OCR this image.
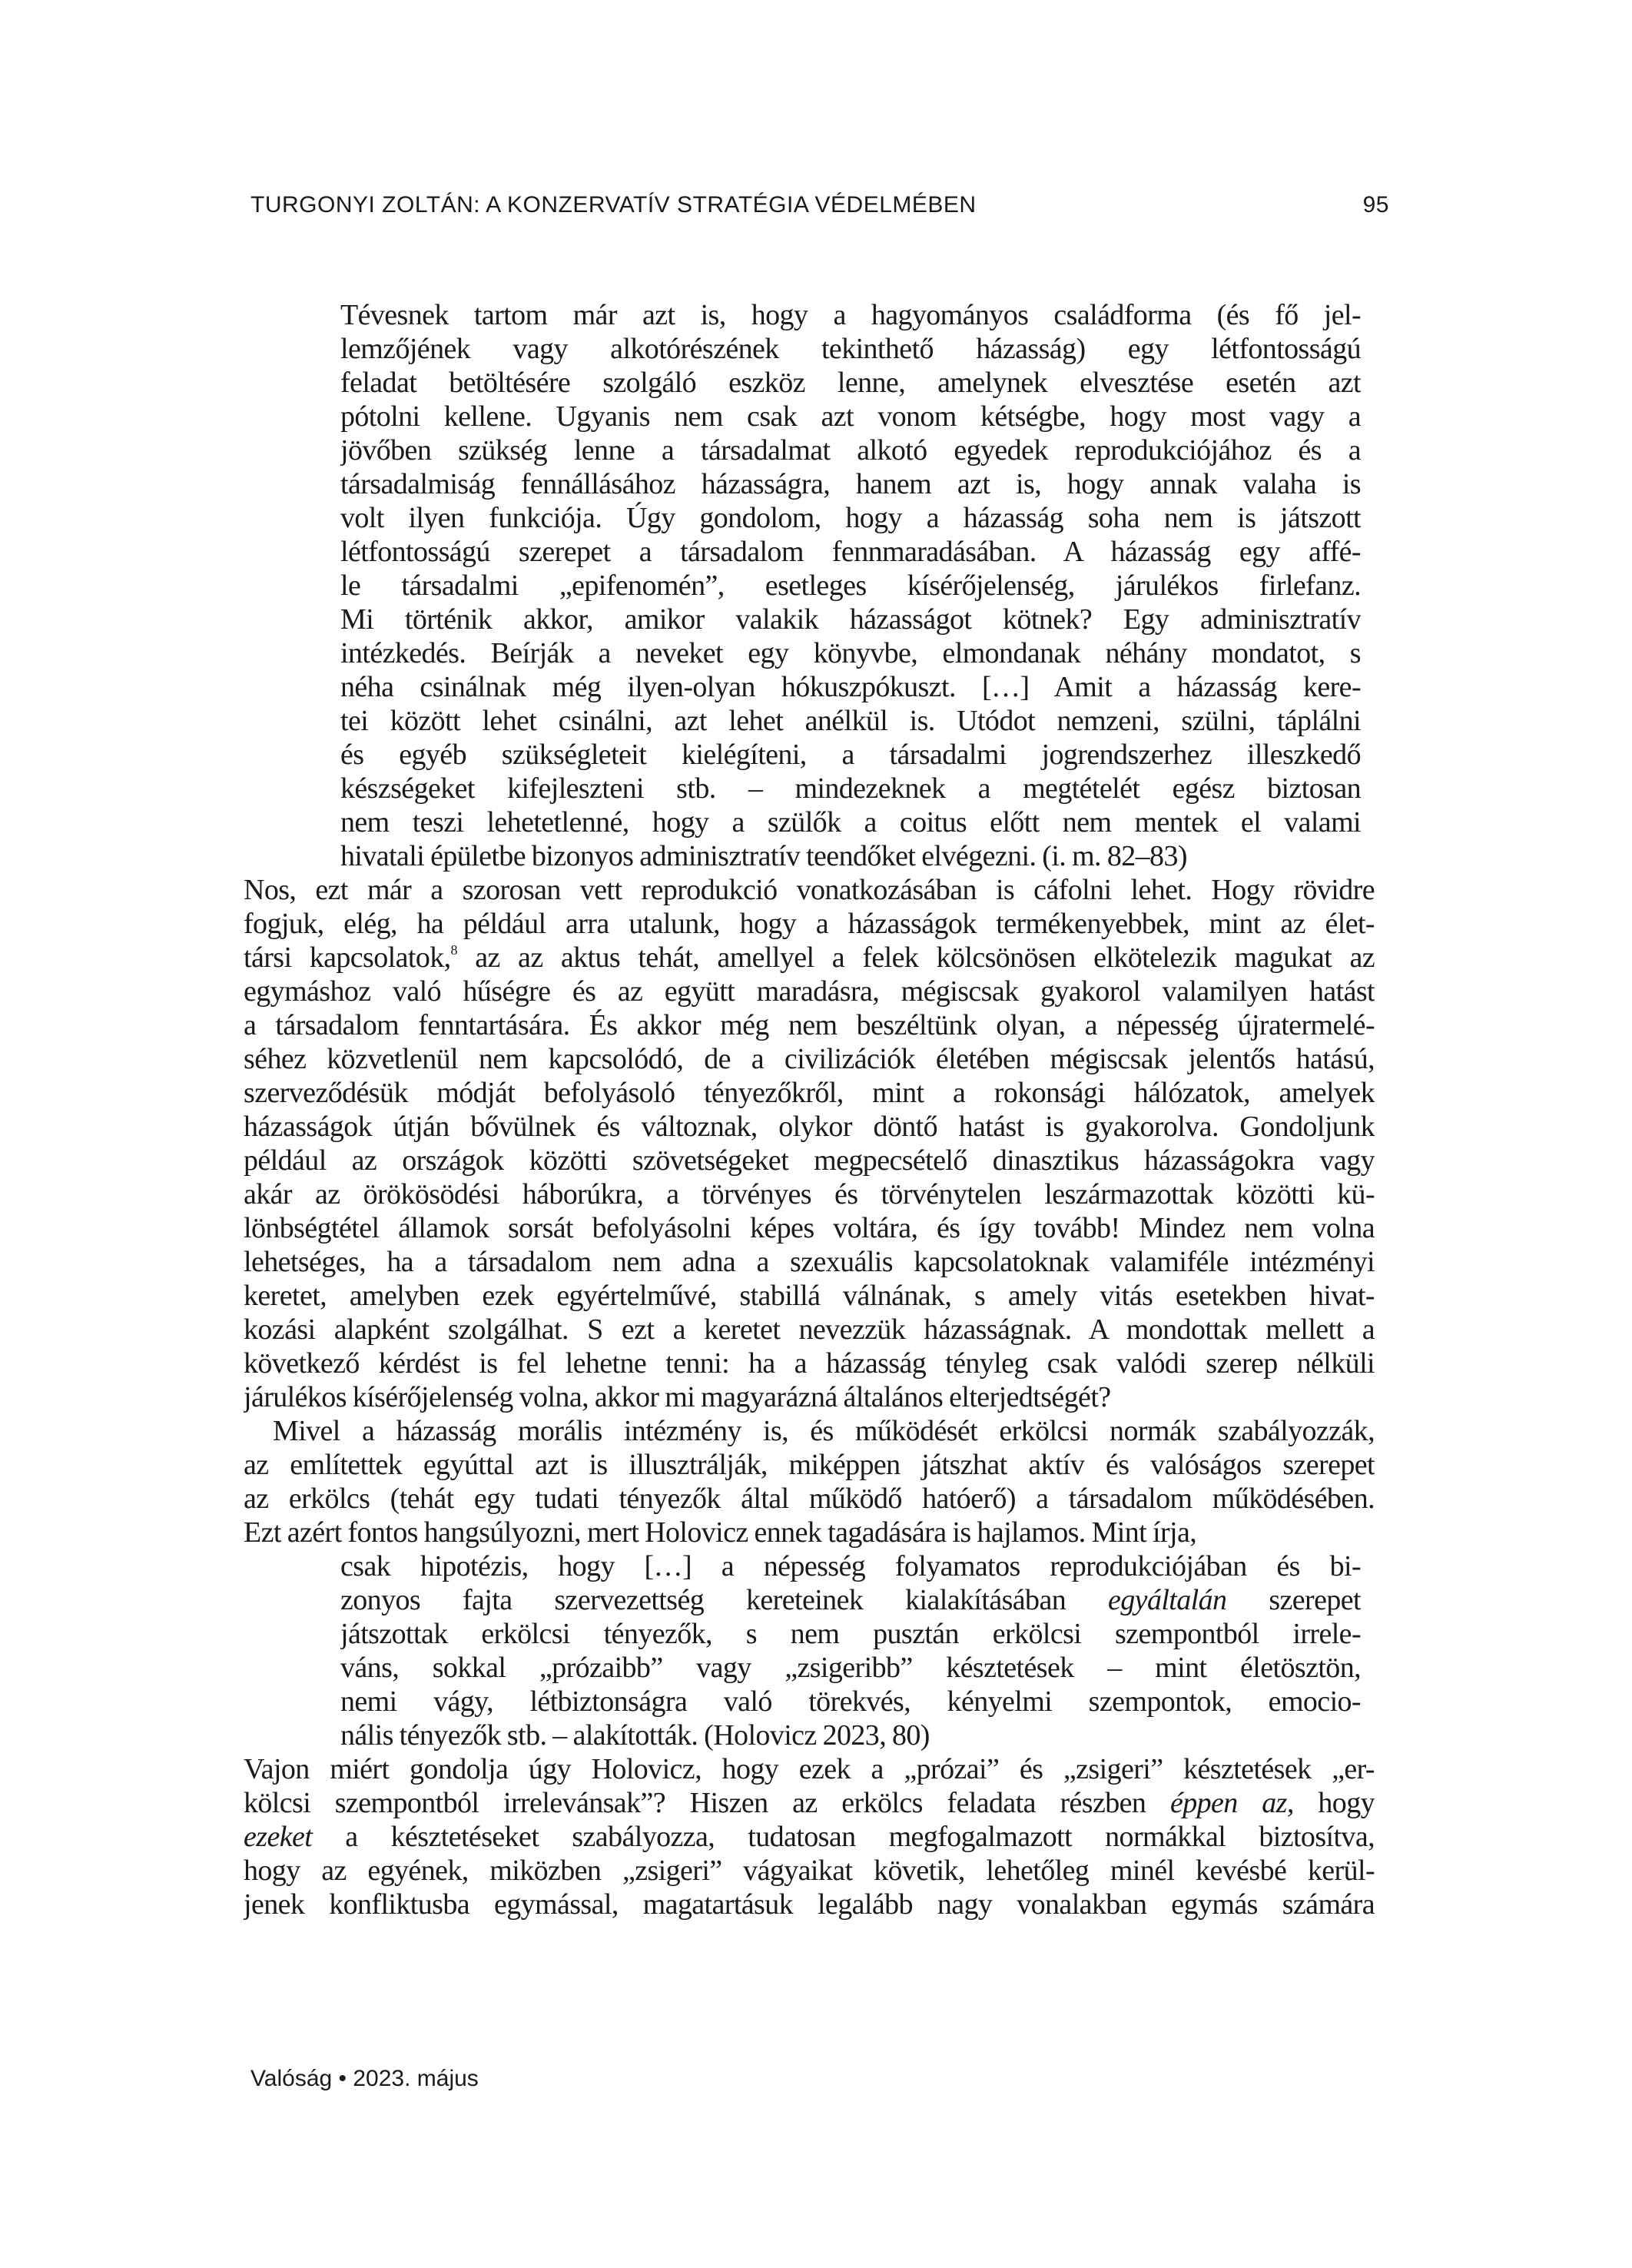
TURGONYI ZOLTÁN: A KONZERVATÍV STRATÉGIA VÉDELMÉBEN	95
Tévesnek tartom már azt is, hogy a hagyományos családforma (és fő jel-
lemzőjének vagy alkotórészének tekinthető házasság) egy létfontosságú
feladat betöltésére szolgáló eszköz lenne, amelynek elvesztése esetén azt
pótolni kellene. Ugyanis nem csak azt vonom kétségbe, hogy most vagy a
jövőben szükség lenne a társadalmat alkotó egyedek reprodukciójához és a
társadalmiság fennállásához házasságra, hanem azt is, hogy annak valaha is
volt ilyen funkciója. Úgy gondolom, hogy a házasság soha nem is játszott
létfontosságú szerepet a társadalom fennmaradásában. A házasság egy affé-
le társadalmi „epifenomén”, esetleges kísérőjelenség, járulékos firlefanz.
Mi történik akkor, amikor valakik házasságot kötnek? Egy adminisztratív
intézkedés. Beírják a neveket egy könyvbe, elmondanak néhány mondatot, s
néha csinálnak még ilyen-olyan hókuszpókuszt. […] Amit a házasság kere-
tei között lehet csinálni, azt lehet anélkül is. Utódot nemzeni, szülni, táplálni
és egyéb szükségleteit kielégíteni, a társadalmi jogrendszerhez illeszkedő
készségeket kifejleszteni stb. – mindezeknek a megtételét egész biztosan
nem teszi lehetetlenné, hogy a szülők a coitus előtt nem mentek el valami
hivatali épületbe bizonyos adminisztratív teendőket elvégezni. (i. m. 82–83)
Nos, ezt már a szorosan vett reprodukció vonatkozásában is cáfolni lehet. Hogy rövidre
fogjuk, elég, ha például arra utalunk, hogy a házasságok termékenyebbek, mint az élet-
társi kapcsolatok,$^8$ az az aktus tehát, amellyel a felek kölcsönösen elkötelezik magukat az
egymáshoz való hűségre és az együtt maradásra, mégiscsak gyakorol valamilyen hatást
a társadalom fenntartására. És akkor még nem beszéltünk olyan, a népesség újratermelé-
séhez közvetlenül nem kapcsolódó, de a civilizációk életében mégiscsak jelentős hatású,
szerveződésük módját befolyásoló tényezőkről, mint a rokonsági hálózatok, amelyek
házasságok útján bővülnek és változnak, olykor döntő hatást is gyakorolva. Gondoljunk
például az országok közötti szövetségeket megpecsételő dinasztikus házasságokra vagy
akár az örökösödési háborúkra, a törvényes és törvénytelen leszármazottak közötti kü-
lönbségtétel államok sorsát befolyásolni képes voltára, és így tovább! Mindez nem volna
lehetséges, ha a társadalom nem adna a szexuális kapcsolatoknak valamiféle intézményi
keretet, amelyben ezek egyértelművé, stabillá válnának, s amely vitás esetekben hivat-
kozási alapként szolgálhat. S ezt a keretet nevezzük házasságnak. A mondottak mellett a
következő kérdést is fel lehetne tenni: ha a házasság tényleg csak valódi szerep nélküli
járulékos kísérőjelenség volna, akkor mi magyarázná általános elterjedtségét?
Mivel a házasság morális intézmény is, és működését erkölcsi normák szabályozzák,
az említettek egyúttal azt is illusztrálják, miképpen játszhat aktív és valóságos szerepet
az erkölcs (tehát egy tudati tényezők által működő hatóerő) a társadalom működésében.
Ezt azért fontos hangsúlyozni, mert Holovicz ennek tagadására is hajlamos. Mint írja,
csak hipotézis, hogy […] a népesség folyamatos reprodukciójában és bi-
zonyos fajta szervezettség kereteinek kialakításában egyáltalán szerepet
játszottak erkölcsi tényezők, s nem pusztán erkölcsi szempontból irrele-
váns, sokkal „prózaibb” vagy „zsigeribb” késztetések – mint életösztön,
nemi vágy, létbiztonságra való törekvés, kényelmi szempontok, emocio-
nális tényezők stb. – alakították. (Holovicz 2023, 80)
Vajon miért gondolja úgy Holovicz, hogy ezek a „prózai” és „zsigeri” késztetések „er-
kölcsi szempontból irrelevánsak”? Hiszen az erkölcs feladata részben éppen az, hogy
ezeket a késztetéseket szabályozza, tudatosan megfogalmazott normákkal biztosítva,
hogy az egyének, miközben „zsigeri” vágyaikat követik, lehetőleg minél kevésbé kerül-
jenek konfliktusba egymással, magatartásuk legalább nagy vonalakban egymás számára
Valóság • 2023. május
